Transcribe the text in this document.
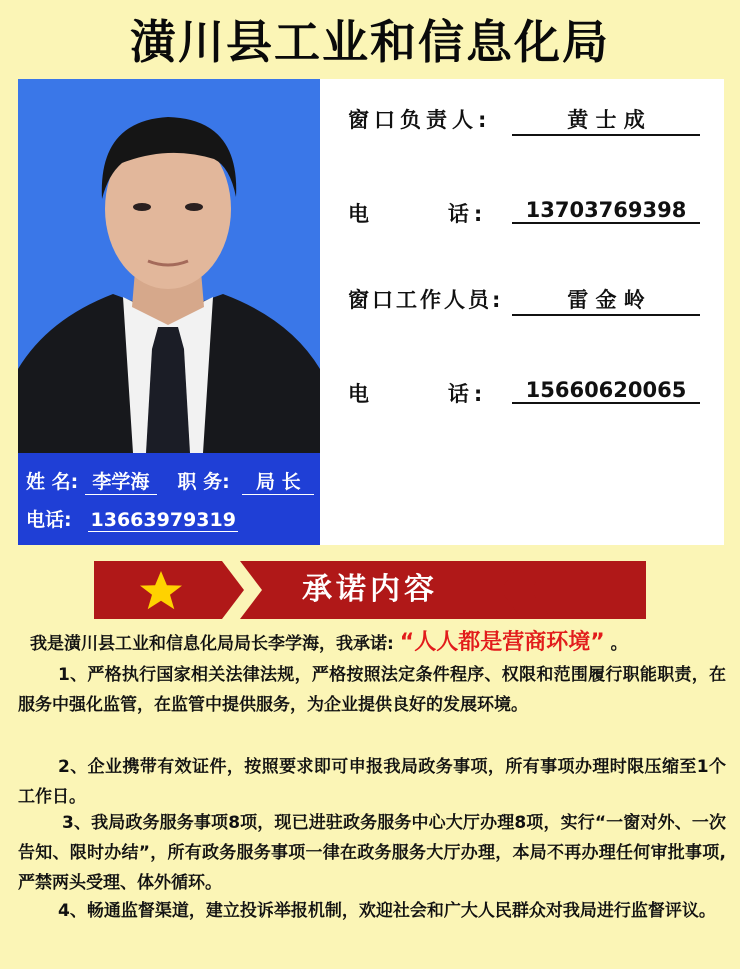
潢川县工业和信息化局
姓 名: 李学海 职 务: 局 长
电话: 13663979319
窗口负责人:	黄 士 成
电      话:	13703769398
窗口工作人员:	雷 金 岭
电      话:	15660620065
承诺内容
我是潢川县工业和信息化局局长李学海，我承诺: “人人都是营商环境” 。
1、严格执行国家相关法律法规，严格按照法定条件程序、权限和范围履行职能职责，在服务中强化监管，在监管中提供服务，为企业提供良好的发展环境。
2、企业携带有效证件，按照要求即可申报我局政务事项，所有事项办理时限压缩至1个工作日。
3、我局政务服务事项8项，现已进驻政务服务中心大厅办理8项，实行“一窗对外、一次告知、限时办结”，所有政务服务事项一律在政务服务大厅办理，本局不再办理任何审批事项,严禁两头受理、体外循环。
4、畅通监督渠道，建立投诉举报机制，欢迎社会和广大人民群众对我局进行监督评议。
